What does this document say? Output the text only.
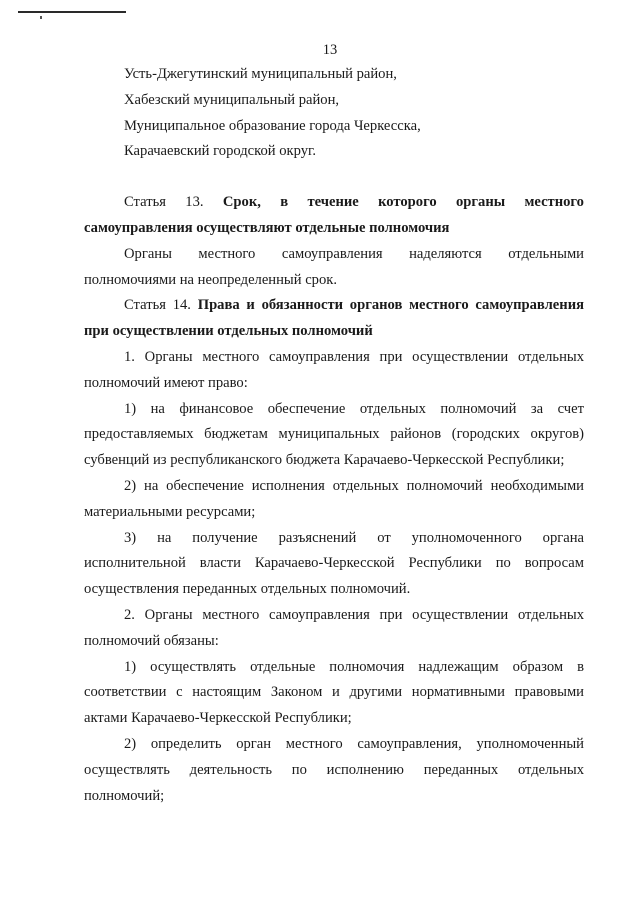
13

Усть-Джегутинский муниципальный район,

Хабезский муниципальный район,

Муниципальное образование города Черкесска,

Карачаевский городской округ.

Статья 13. Срок, в течение которого органы местного самоуправления осуществляют отдельные полномочия

Органы местного самоуправления наделяются отдельными полномочиями на неопределенный срок.

Статья 14. Права и обязанности органов местного самоуправления при осуществлении отдельных полномочий

1. Органы местного самоуправления при осуществлении отдельных полномочий имеют право:

1) на финансовое обеспечение отдельных полномочий за счет предоставляемых бюджетам муниципальных районов (городских округов) субвенций из республиканского бюджета Карачаево-Черкесской Республики;

2) на обеспечение исполнения отдельных полномочий необходимыми материальными ресурсами;

3) на получение разъяснений от уполномоченного органа исполнительной власти Карачаево-Черкесской Республики по вопросам осуществления переданных отдельных полномочий.

2. Органы местного самоуправления при осуществлении отдельных полномочий обязаны:

1) осуществлять отдельные полномочия надлежащим образом в соответствии с настоящим Законом и другими нормативными правовыми актами Карачаево-Черкесской Республики;

2) определить орган местного самоуправления, уполномоченный осуществлять деятельность по исполнению переданных отдельных полномочий;
